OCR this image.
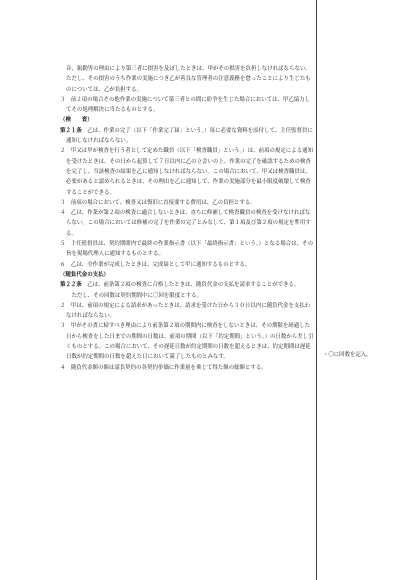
音、振動等の理由により第三者に損害を及ぼしたときは、甲がその損害を負担しなければならない。ただし、その損害のうち作業の実施につき乙が善良な管理者の注意義務を怠ったことにより生じたものについては、乙が負担する。

３　前２項の場合その他作業の実施について第三者との間に紛争を生じた場合においては、甲乙協力してその処理解決に当たるものとする。

（検　　査）

第２１条　乙は、作業の完了（以下「作業完了届」という。）毎に必要な資料を添付して、主任監督員に通知しなければならない。

２　甲又は甲が検査を行う者として定めた職員（以下「検査職員」という。）は、前項の規定による通知を受けたときは、その日から起算して７日以内に乙の立会いの上、作業の完了を確認するための検査を完了し、当該検査の結果を乙に通知しなければならない。この場合において、甲又は検査職員は、必要があると認められるときは、その理由を乙に通知して、作業の実施部分を最小限度破壊して検査することができる。

３　前項の場合において、検査又は復旧に直接要する費用は、乙の負担とする。

４　乙は、作業が第２項の検査に適合しないときは、直ちに修補して検査職員の検査を受けなければならない。この場合においては修補の完了を作業の完了とみなして、第１項及び第２項の規定を準用する。

５　主任監督員は、契約期間内で最終の作業指示書（以下「最終指示書」という。）となる場合は、その旨を現場代理人に通知するものとする。

６　乙は、全作業が完成したときは、完成届として甲に通知するものとする。

（随負代金の支払）

第２２条　乙は、前条第２項の検査に合格したときは、随負代金の支払を請求することができる。

　ただし、その回数は契約期間中に〇回を限度とする。

２　甲は、前項の規定による請求があったときは、請求を受けた日から３０日以内に随負代金を支払わなければならない。

３　甲がその責に帰すべき理由により前条第２項の期間内に検査をしないときは、その期限を経過した日から検査をした日までの期間の日数は、前項の期間（以下「約定期間」という。）の日数から差し引くものとする。この場合において、その遅延日数が約定期間の日数を超えるときは、約定期間は遅延日数が約定期間の日数を超えた日において満了したものとみなす。

４　随負代金額の額は請負契約の各契約単価に作業量を乗じて得た額の総額とする。

・〇に回数を記入。
